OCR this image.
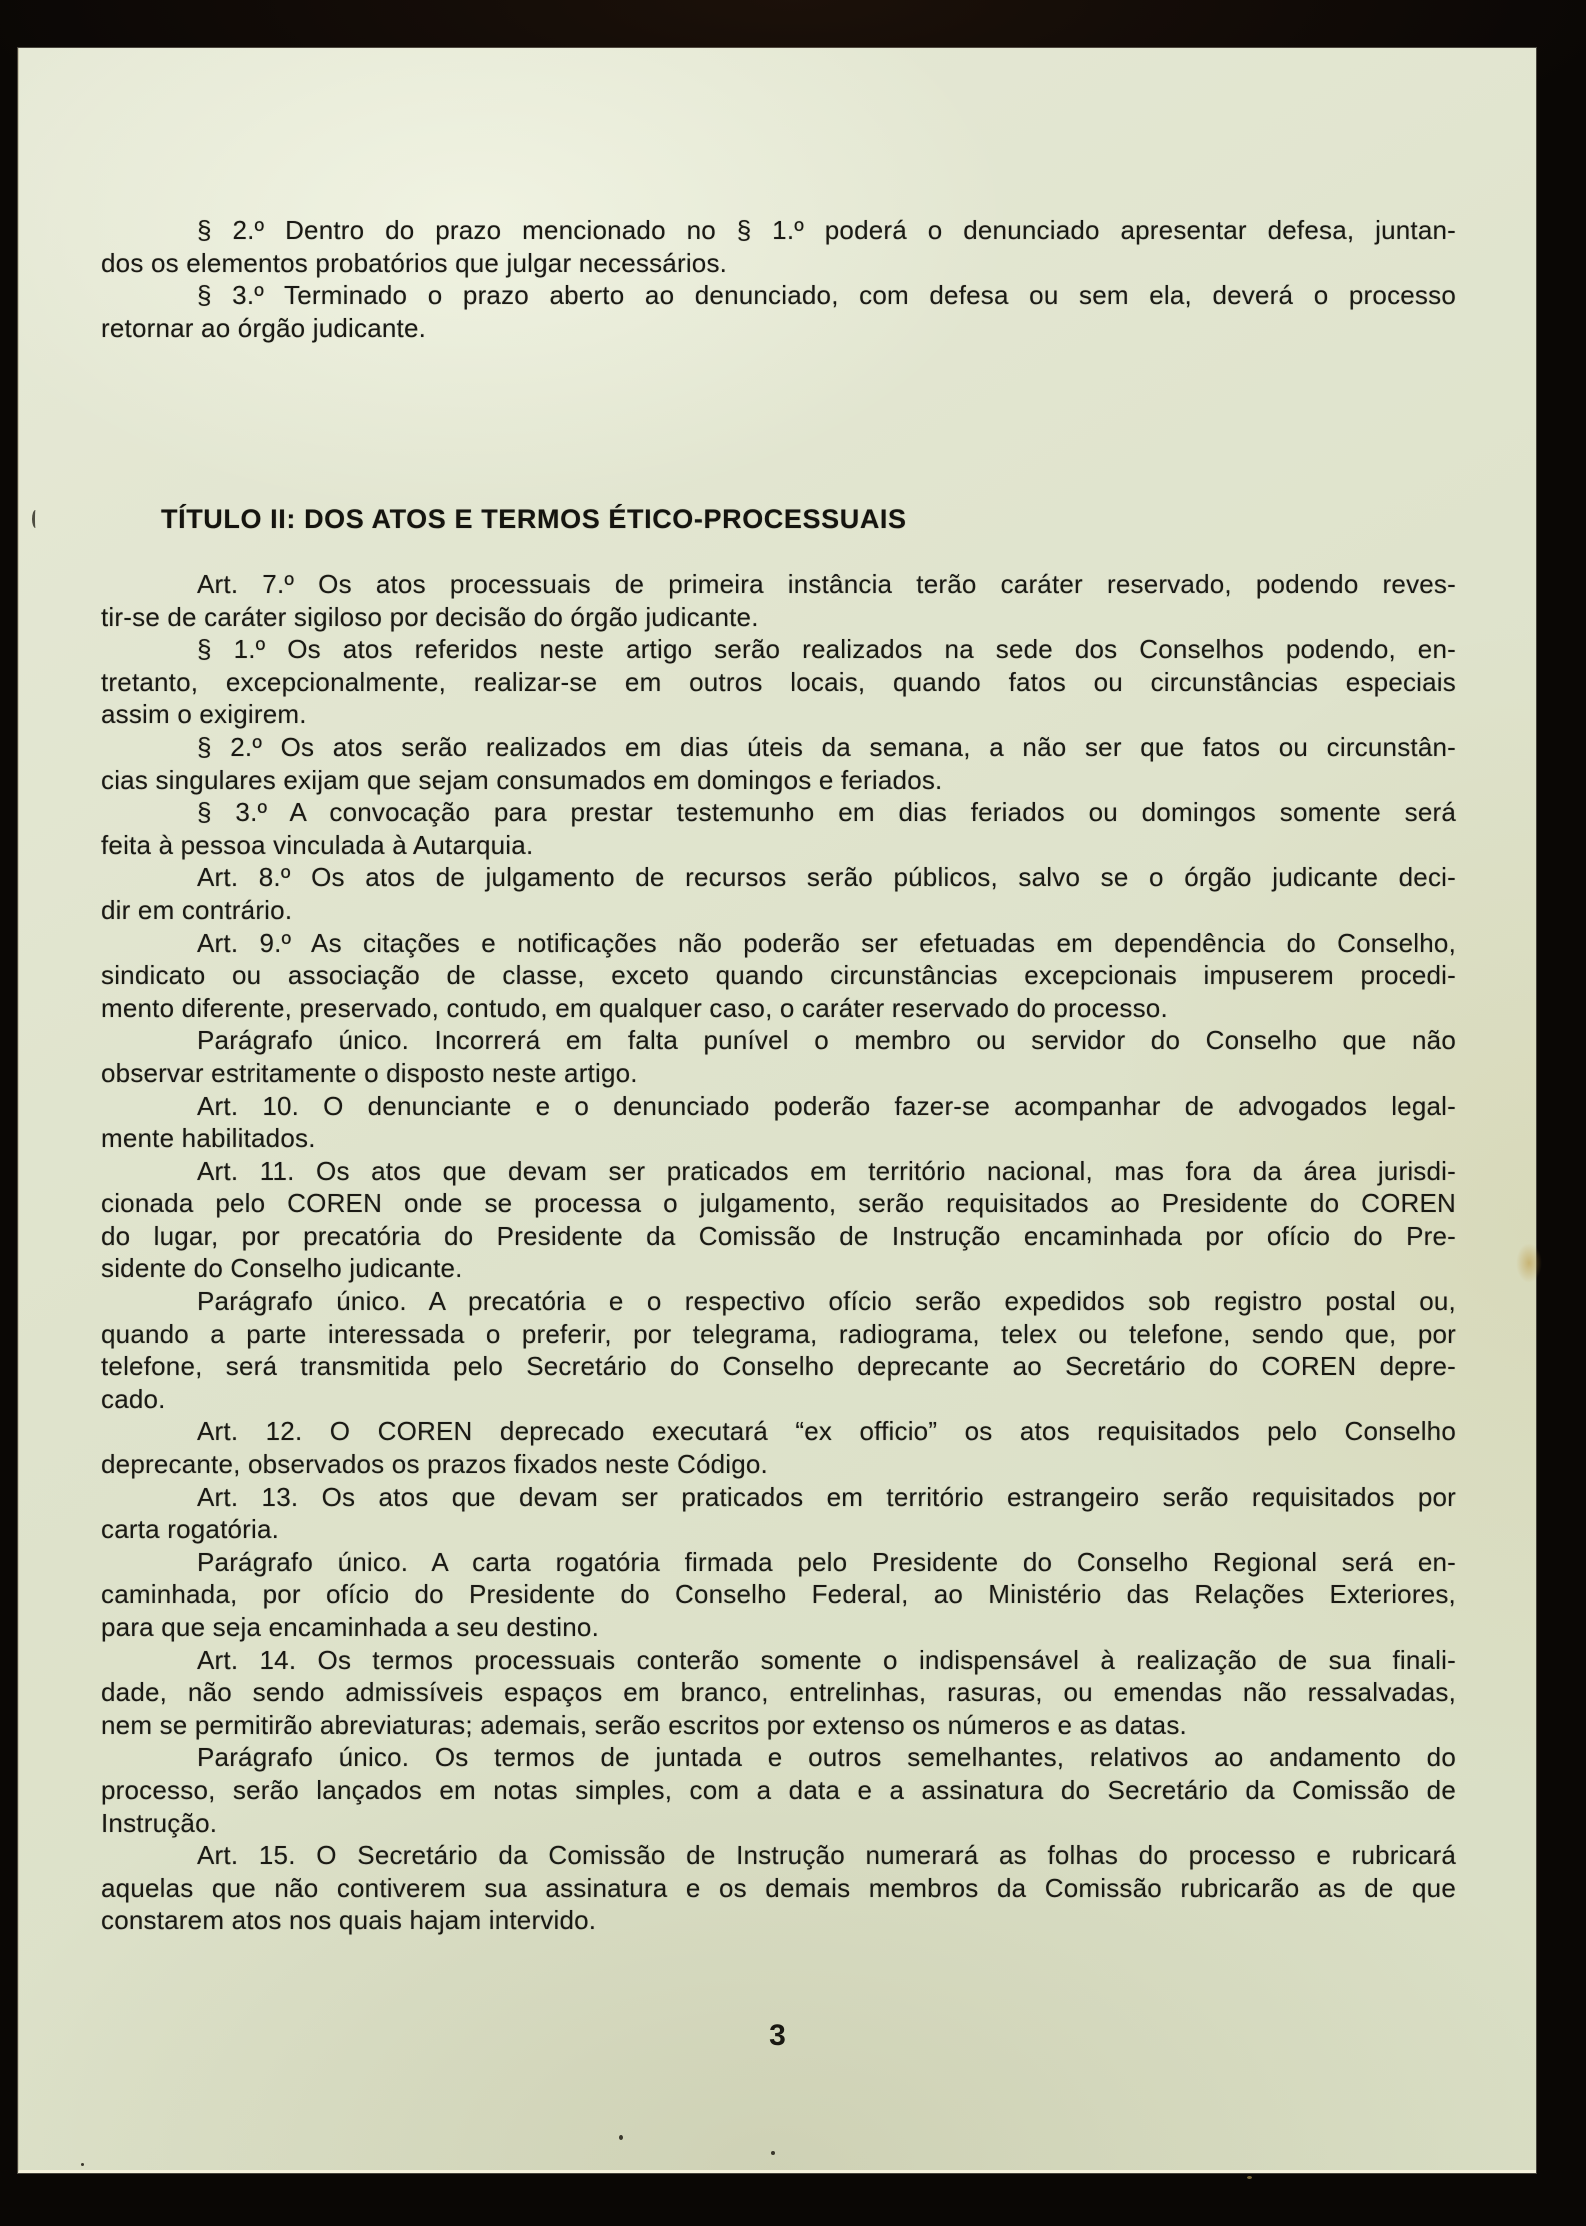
§ 2.º Dentro do prazo mencionado no § 1.º poderá o denunciado apresentar defesa, juntan-
dos os elementos probatórios que julgar necessários.

§ 3.º Terminado o prazo aberto ao denunciado, com defesa ou sem ela, deverá o processo
retornar ao órgão judicante.

TÍTULO II: DOS ATOS E TERMOS ÉTICO-PROCESSUAIS

Art. 7.º Os atos processuais de primeira instância terão caráter reservado, podendo reves-
tir-se de caráter sigiloso por decisão do órgão judicante.

§ 1.º Os atos referidos neste artigo serão realizados na sede dos Conselhos podendo, en-
tretanto, excepcionalmente, realizar-se em outros locais, quando fatos ou circunstâncias especiais
assim o exigirem.

§ 2.º Os atos serão realizados em dias úteis da semana, a não ser que fatos ou circunstân-
cias singulares exijam que sejam consumados em domingos e feriados.

§ 3.º A convocação para prestar testemunho em dias feriados ou domingos somente será
feita à pessoa vinculada à Autarquia.

Art. 8.º Os atos de julgamento de recursos serão públicos, salvo se o órgão judicante deci-
dir em contrário.

Art. 9.º As citações e notificações não poderão ser efetuadas em dependência do Conselho,
sindicato ou associação de classe, exceto quando circunstâncias excepcionais impuserem procedi-
mento diferente, preservado, contudo, em qualquer caso, o caráter reservado do processo.

Parágrafo único. Incorrerá em falta punível o membro ou servidor do Conselho que não
observar estritamente o disposto neste artigo.

Art. 10. O denunciante e o denunciado poderão fazer-se acompanhar de advogados legal-
mente habilitados.

Art. 11. Os atos que devam ser praticados em território nacional, mas fora da área jurisdi-
cionada pelo COREN onde se processa o julgamento, serão requisitados ao Presidente do COREN
do lugar, por precatória do Presidente da Comissão de Instrução encaminhada por ofício do Pre-
sidente do Conselho judicante.

Parágrafo único. A precatória e o respectivo ofício serão expedidos sob registro postal ou,
quando a parte interessada o preferir, por telegrama, radiograma, telex ou telefone, sendo que, por
telefone, será transmitida pelo Secretário do Conselho deprecante ao Secretário do COREN depre-
cado.

Art. 12. O COREN deprecado executará “ex officio” os atos requisitados pelo Conselho
deprecante, observados os prazos fixados neste Código.

Art. 13. Os atos que devam ser praticados em território estrangeiro serão requisitados por
carta rogatória.

Parágrafo único. A carta rogatória firmada pelo Presidente do Conselho Regional será en-
caminhada, por ofício do Presidente do Conselho Federal, ao Ministério das Relações Exteriores,
para que seja encaminhada a seu destino.

Art. 14. Os termos processuais conterão somente o indispensável à realização de sua finali-
dade, não sendo admissíveis espaços em branco, entrelinhas, rasuras, ou emendas não ressalvadas,
nem se permitirão abreviaturas; ademais, serão escritos por extenso os números e as datas.

Parágrafo único. Os termos de juntada e outros semelhantes, relativos ao andamento do
processo, serão lançados em notas simples, com a data e a assinatura do Secretário da Comissão de
Instrução.

Art. 15. O Secretário da Comissão de Instrução numerará as folhas do processo e rubricará
aquelas que não contiverem sua assinatura e os demais membros da Comissão rubricarão as de que
constarem atos nos quais hajam intervido.

3
